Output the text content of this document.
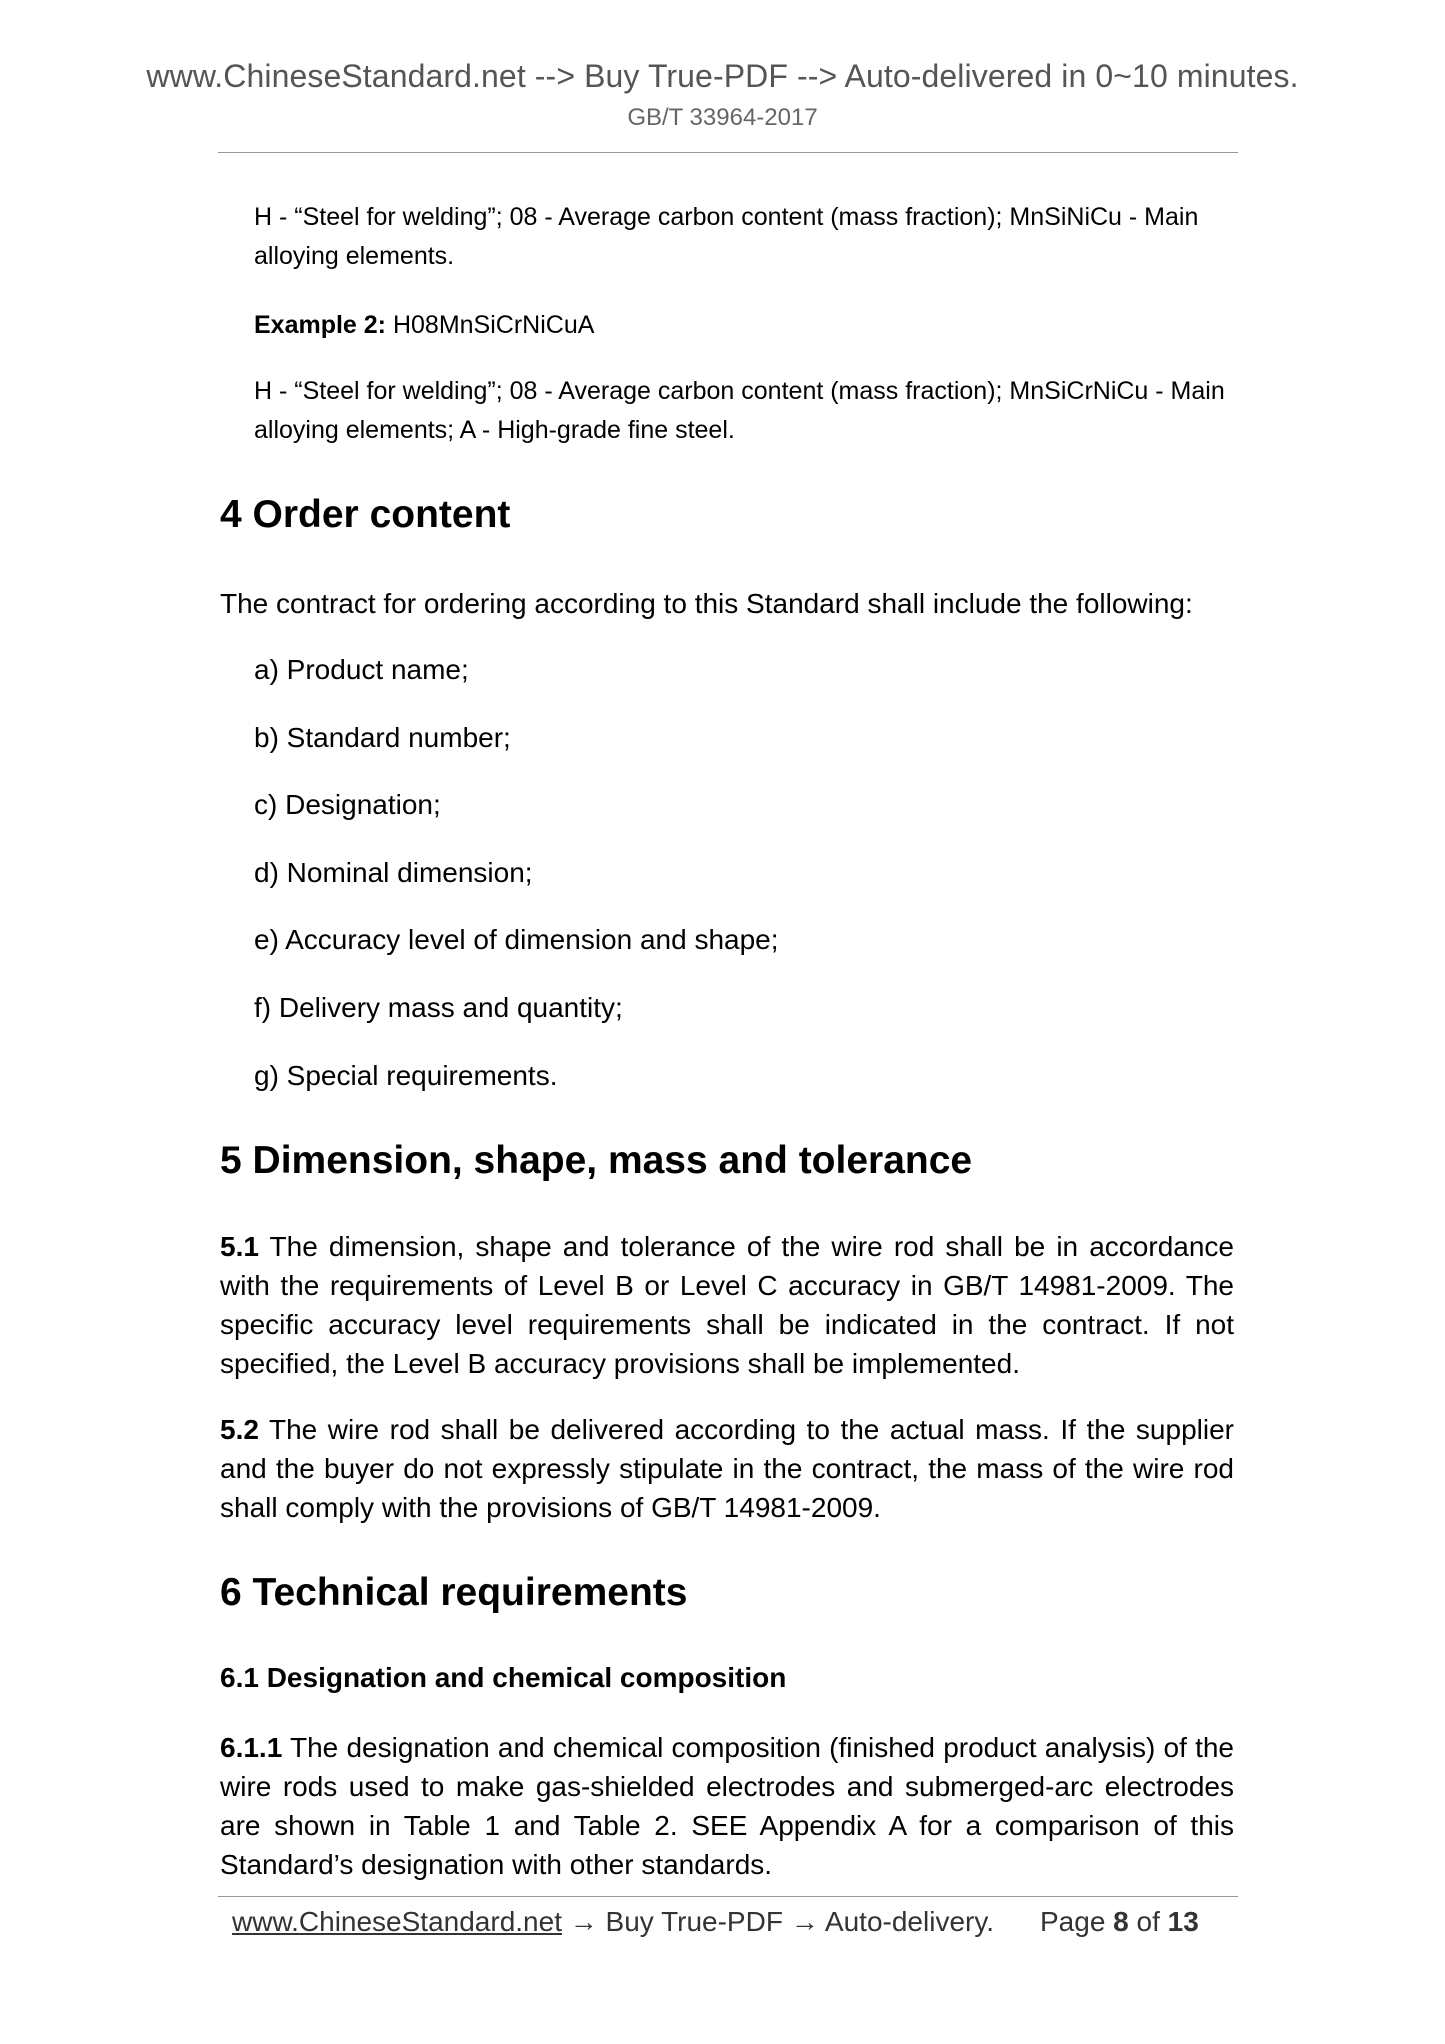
www.ChineseStandard.net --> Buy True-PDF --> Auto-delivered in 0~10 minutes.
GB/T 33964-2017
H - “Steel for welding”; 08 - Average carbon content (mass fraction); MnSiNiCu - Main
alloying elements.
Example 2: H08MnSiCrNiCuA
H - “Steel for welding”; 08 - Average carbon content (mass fraction); MnSiCrNiCu - Main
alloying elements; A - High-grade fine steel.
4 Order content
The contract for ordering according to this Standard shall include the following:
a) Product name;
b) Standard number;
c) Designation;
d) Nominal dimension;
e) Accuracy level of dimension and shape;
f) Delivery mass and quantity;
g) Special requirements.
5 Dimension, shape, mass and tolerance
5.1 The dimension, shape and tolerance of the wire rod shall be in accordance with the requirements of Level B or Level C accuracy in GB/T 14981-2009. The specific accuracy level requirements shall be indicated in the contract. If not specified, the Level B accuracy provisions shall be implemented.
5.2 The wire rod shall be delivered according to the actual mass. If the supplier and the buyer do not expressly stipulate in the contract, the mass of the wire rod shall comply with the provisions of GB/T 14981-2009.
6 Technical requirements
6.1 Designation and chemical composition
6.1.1 The designation and chemical composition (finished product analysis) of the wire rods used to make gas-shielded electrodes and submerged-arc electrodes are shown in Table 1 and Table 2. SEE Appendix A for a comparison of this Standard’s designation with other standards.
www.ChineseStandard.net → Buy True-PDF → Auto-delivery. Page 8 of 13
